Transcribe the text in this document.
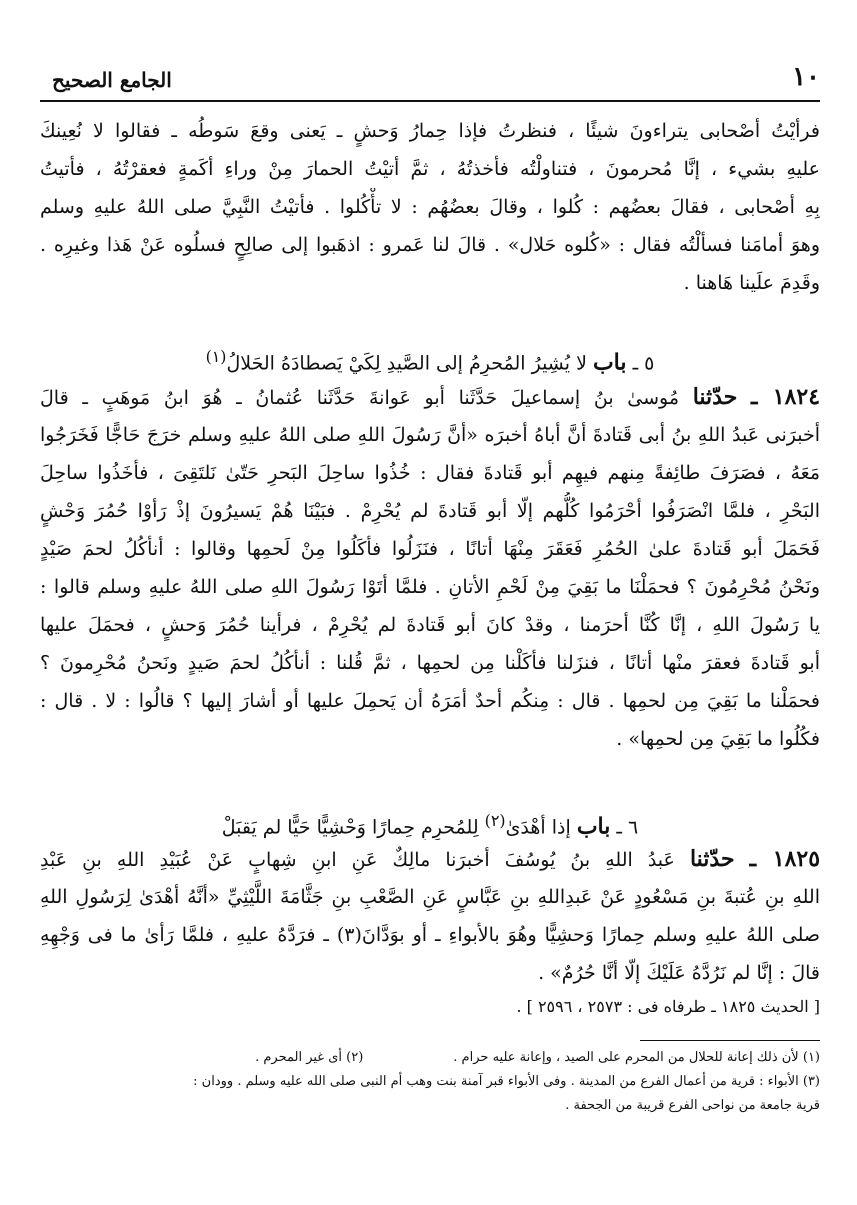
١٠
الجامع الصحيح
فرأيْتُ أصْحابى يتراءونَ شيئًا ، فنظرتُ فإذا حِمارُ وَحشٍ ـ يَعنى وقعَ سَوطُه ـ فقالوا لا نُعِينكَ
عليهِ بشيء ، إنَّا مُحرمونَ ، فتناولْتُه فأخذتُهُ ، ثمَّ أتيْتُ الحمارَ مِنْ وراءِ أكَمةٍ فعقرْتُهُ ، فأتيتُ
بِهِ أصْحابى ، فقالَ بعضُهم : كُلوا ، وقالَ بعضُهُم : لا تأْكُلوا . فأتيْتُ النَّبِيَّ صلى اللهُ عليهِ وسلم
وهوَ أمامَنا فسألْتُه فقال : «كُلوه حَلال» . قالَ لنا عَمرو : اذهَبوا إلى صالِحٍ فسلُوه عَنْ هَذا وغيرِه .
وقَدِمَ علَينا هَاهنا .
٥ ـ باب لا يُشِيرُ المُحرِمُ إلى الصَّيدِ لِكَيْ يَصطادَهُ الحَلالُ$^{(١)}$
١٨٢٤ ـ حدّثنا مُوسىٰ بنُ إسماعيلَ حَدَّثَنا أبو عَوانةَ حَدَّثَنا عُثمانُ ـ هُوَ ابنُ مَوهَبٍ ـ قالَ
أخبرَنى عَبدُ اللهِ بنُ أبى قَتادةَ أنَّ أباهُ أخبرَه «أنَّ رَسُولَ اللهِ صلى اللهُ عليهِ وسلم خرَجَ حَاجًّا فَخَرَجُوا
مَعَهُ ، فصَرَفَ طائِفةً مِنهم فيهِم أبو قَتادةَ فقال : خُذُوا ساحِلَ البَحرِ حَتّىٰ نَلتَقِىَ ، فأخَذُوا ساحِلَ
البَحْرِ ، فلمَّا انْصَرَفُوا أحْرَمُوا كُلُّهم إلّا أبو قَتادةَ لم يُحْرِمْ . فبَيْنَا هُمْ يَسيرُونَ إذْ رَأوْا حُمُرَ وَحْشٍ
فَحَمَلَ أبو قَتادةَ علىٰ الحُمُرِ فَعَقَرَ مِنْهَا أتانًا ، فنَزَلُوا فأكَلُوا مِنْ لَحمِها وقالوا : أنأكُلُ لحمَ صَيْدٍ
ونَحْنُ مُحْرِمُونَ ؟ فحمَلْنَا ما بَقِيَ مِنْ لَحْمِ الأتانِ . فلمَّا أتَوْا رَسُولَ اللهِ صلى اللهُ عليهِ وسلم قالوا :
يا رَسُولَ اللهِ ، إنَّا كُنَّا أحرَمنا ، وقدْ كانَ أبو قَتادةَ لم يُحْرِمْ ، فرأينا حُمُرَ وَحشٍ ، فحمَلَ عليها
أبو قَتادةَ فعقرَ منْها أتانًا ، فنزَلنا فأكَلْنا مِن لحمِها ، ثمَّ قُلنا : أنأكُلُ لحمَ صَيدٍ ونَحنُ مُحْرِمونَ ؟
فحمَلْنا ما بَقِيَ مِن لحمِها . قال : مِنكُم أحدٌ أمَرَهُ أن يَحمِلَ عليها أو أشارَ إليها ؟ قالُوا : لا . قال :
فكُلُوا ما بَقِيَ مِن لحمِها» .
٦ ـ باب إذا أهْدَىٰ$^{(٢)}$ لِلمُحرِمِ حِمارًا وَحْشِيًّا حَيًّا لم يَقبَلْ
١٨٢٥ ـ حدّثنا عَبدُ اللهِ بنُ يُوسُفَ أخبرَنا مالِكٌ عَنِ ابنِ شِهابٍ عَنْ عُبَيْدِ اللهِ بنِ عَبْدِ
اللهِ بنِ عُتبةَ بنِ مَسْعُودٍ عَنْ عَبدِاللهِ بنِ عَبَّاسٍ عَنِ الصَّعْبِ بنِ جَثَّامَةَ اللَّيْثِيِّ «أنَّهُ أهْدَىٰ لِرَسُولِ اللهِ
صلى اللهُ عليهِ وسلم حِمارًا وَحشِيًّا وهُوَ بالأبواءِ ـ أو بوَدَّانَ(٣) ـ فرَدَّهُ عليهِ ، فلمَّا رَأىٰ ما فى وَجْهِهِ
قالَ : إنَّا لم نَرُدَّهُ عَلَيْكَ إلّا أنَّا حُرُمٌ» .
[ الحديث ١٨٢٥ ـ طرفاه فى : ٢٥٧٣ ، ٢٥٩٦ ] .
(١) لأن ذلك إعانة للحلال من المحرم على الصيد ، وإعانة عليه حرام .(٢) أى غير المحرم .
(٣) الأبواء : قرية من أعمال الفرع من المدينة . وفى الأبواء قبر آمنة بنت وهب أم النبى صلى الله عليه وسلم . وودان :
قرية جامعة من نواحى الفرع قريبة من الجحفة .
